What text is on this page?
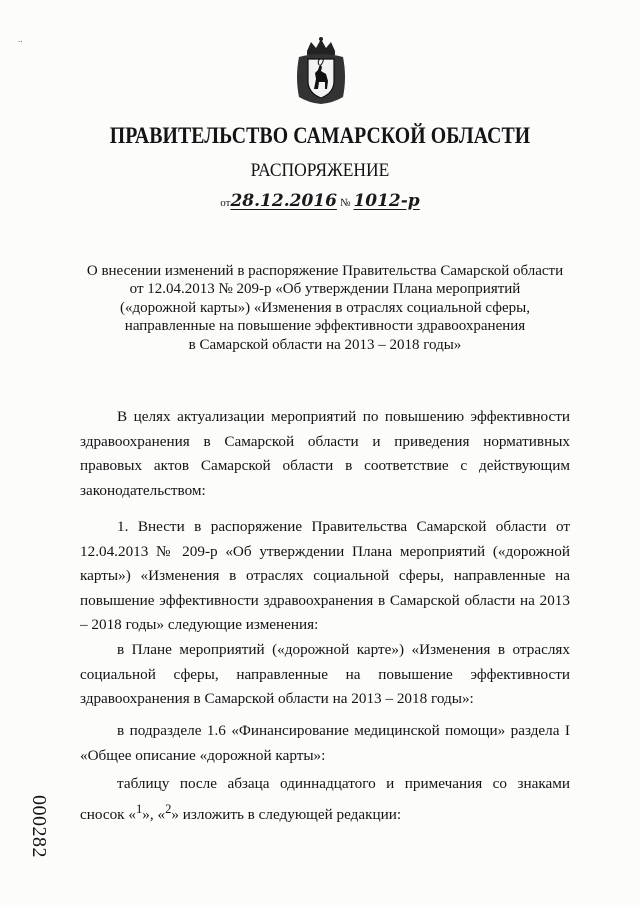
..
ПРАВИТЕЛЬСТВО САМАРСКОЙ ОБЛАСТИ
РАСПОРЯЖЕНИЕ
от28.12.2016 № 1012-р
О внесении изменений в распоряжение Правительства Самарской области
от 12.04.2013 № 209-р «Об утверждении Плана мероприятий
(«дорожной карты») «Изменения в отраслях социальной сферы,
направленные на повышение эффективности здравоохранения
в Самарской области на 2013 – 2018 годы»
В целях актуализации мероприятий по повышению эффективности здравоохранения в Самарской области и приведения нормативных правовых актов Самарской области в соответствие с действующим законодательством:
1. Внести в распоряжение Правительства Самарской области от 12.04.2013 № 209-р «Об утверждении Плана мероприятий («дорожной карты») «Изменения в отраслях социальной сферы, направленные на повышение эффективности здравоохранения в Самарской области на 2013 – 2018 годы» следующие изменения:
в Плане мероприятий («дорожной карте») «Изменения в отраслях социальной сферы, направленные на повышение эффективности здравоохранения в Самарской области на 2013 – 2018 годы»:
в подразделе 1.6 «Финансирование медицинской помощи» раздела I «Общее описание «дорожной карты»:
таблицу после абзаца одиннадцатого и примечания со знаками сносок «$^1$», «$^2$» изложить в следующей редакции:
000282
